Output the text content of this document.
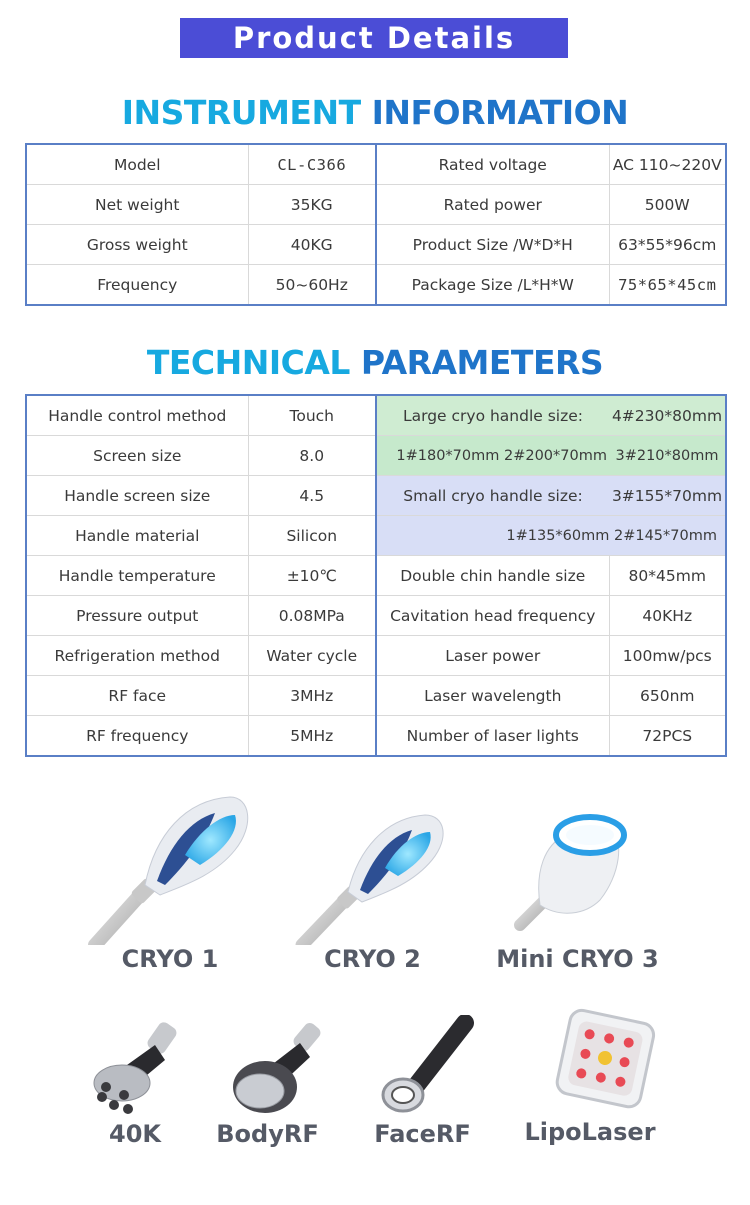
Product Details
INSTRUMENT INFORMATION
Model	CL-C366	Rated voltage	AC 110~220V
Net weight	35KG	Rated power	500W
Gross weight	40KG	Product Size /W*D*H	63*55*96cm
Frequency	50~60Hz	Package Size /L*H*W	75*65*45cm
TECHNICAL PARAMETERS
Handle control method	Touch	Large cryo handle size:	4#230*80mm
Screen size	8.0	1#180*70mm 2#200*70mm	3#210*80mm
Handle screen size	4.5	Small cryo handle size:	3#155*70mm
Handle material	Silicon	1#135*60mm 2#145*70mm	
Handle temperature	±10℃	Double chin handle size	80*45mm
Pressure output	0.08MPa	Cavitation head frequency	40KHz
Refrigeration method	Water cycle	Laser power	100mw/pcs
RF face	3MHz	Laser wavelength	650nm
RF frequency	5MHz	Number of laser lights	72PCS
CRYO 1	CRYO 2	Mini CRYO 3
40K BodyRF FaceRF LipoLaser
